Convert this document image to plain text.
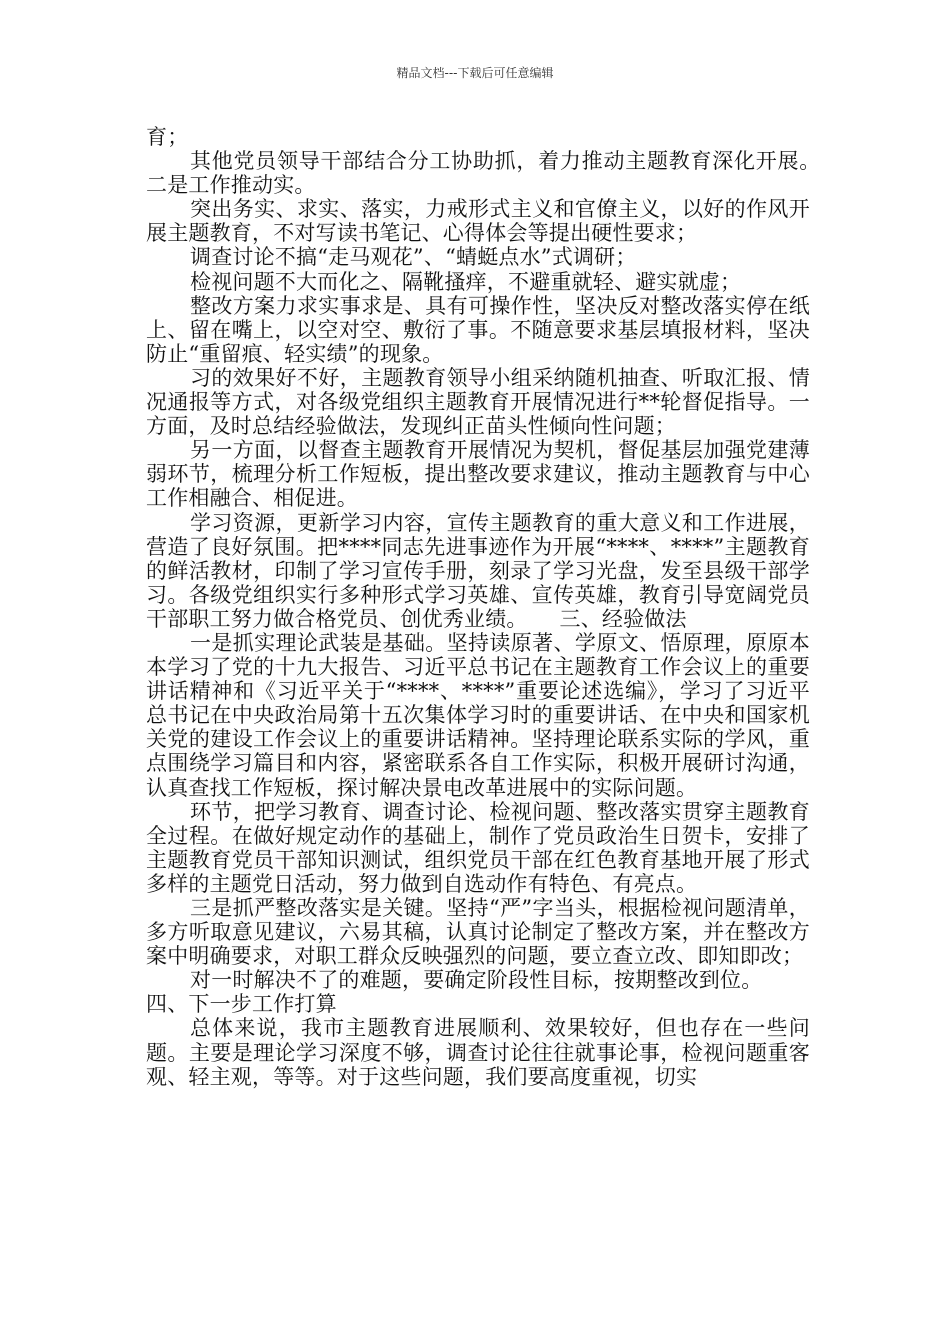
精品文档---下载后可任意编辑

育；

其他党员领导干部结合分工协助抓，着力推动主题教育深化开展。　　二是工作推动实。

突出务实、求实、落实，力戒形式主义和官僚主义，以好的作风开展主题教育，不对写读书笔记、心得体会等提出硬性要求；

调查讨论不搞“走马观花”、“蜻蜓点水”式调研；

检视问题不大而化之、隔靴搔痒，不避重就轻、避实就虚；

整改方案力求实事求是、具有可操作性，坚决反对整改落实停在纸上、留在嘴上，以空对空、敷衍了事。不随意要求基层填报材料，坚决防止“重留痕、轻实绩”的现象。

习的效果好不好，主题教育领导小组采纳随机抽查、听取汇报、情况通报等方式，对各级党组织主题教育开展情况进行**轮督促指导。一方面，及时总结经验做法，发现纠正苗头性倾向性问题；

另一方面，以督查主题教育开展情况为契机，督促基层加强党建薄弱环节，梳理分析工作短板，提出整改要求建议，推动主题教育与中心工作相融合、相促进。

学习资源，更新学习内容，宣传主题教育的重大意义和工作进展，营造了良好氛围。把****同志先进事迹作为开展“****、****”主题教育的鲜活教材，印制了学习宣传手册，刻录了学习光盘，发至县级干部学习。各级党组织实行多种形式学习英雄、宣传英雄，教育引导宽阔党员干部职工努力做合格党员、创优秀业绩。　　三、经验做法

一是抓实理论武装是基础。坚持读原著、学原文、悟原理，原原本本学习了党的十九大报告、习近平总书记在主题教育工作会议上的重要讲话精神和《习近平关于“****、****”重要论述选编》，学习了习近平总书记在中央政治局第十五次集体学习时的重要讲话、在中央和国家机关党的建设工作会议上的重要讲话精神。坚持理论联系实际的学风，重点围绕学习篇目和内容，紧密联系各自工作实际，积极开展研讨沟通，认真查找工作短板，探讨解决景电改革进展中的实际问题。

环节，把学习教育、调查讨论、检视问题、整改落实贯穿主题教育全过程。在做好规定动作的基础上，制作了党员政治生日贺卡，安排了主题教育党员干部知识测试，组织党员干部在红色教育基地开展了形式多样的主题党日活动，努力做到自选动作有特色、有亮点。

三是抓严整改落实是关键。坚持“严”字当头，根据检视问题清单，多方听取意见建议，六易其稿，认真讨论制定了整改方案，并在整改方案中明确要求，对职工群众反映强烈的问题，要立查立改、即知即改；

对一时解决不了的难题，要确定阶段性目标，按期整改到位。

四、下一步工作打算

总体来说，我市主题教育进展顺利、效果较好，但也存在一些问题。主要是理论学习深度不够，调查讨论往往就事论事，检视问题重客观、轻主观，等等。对于这些问题，我们要高度重视，切实
